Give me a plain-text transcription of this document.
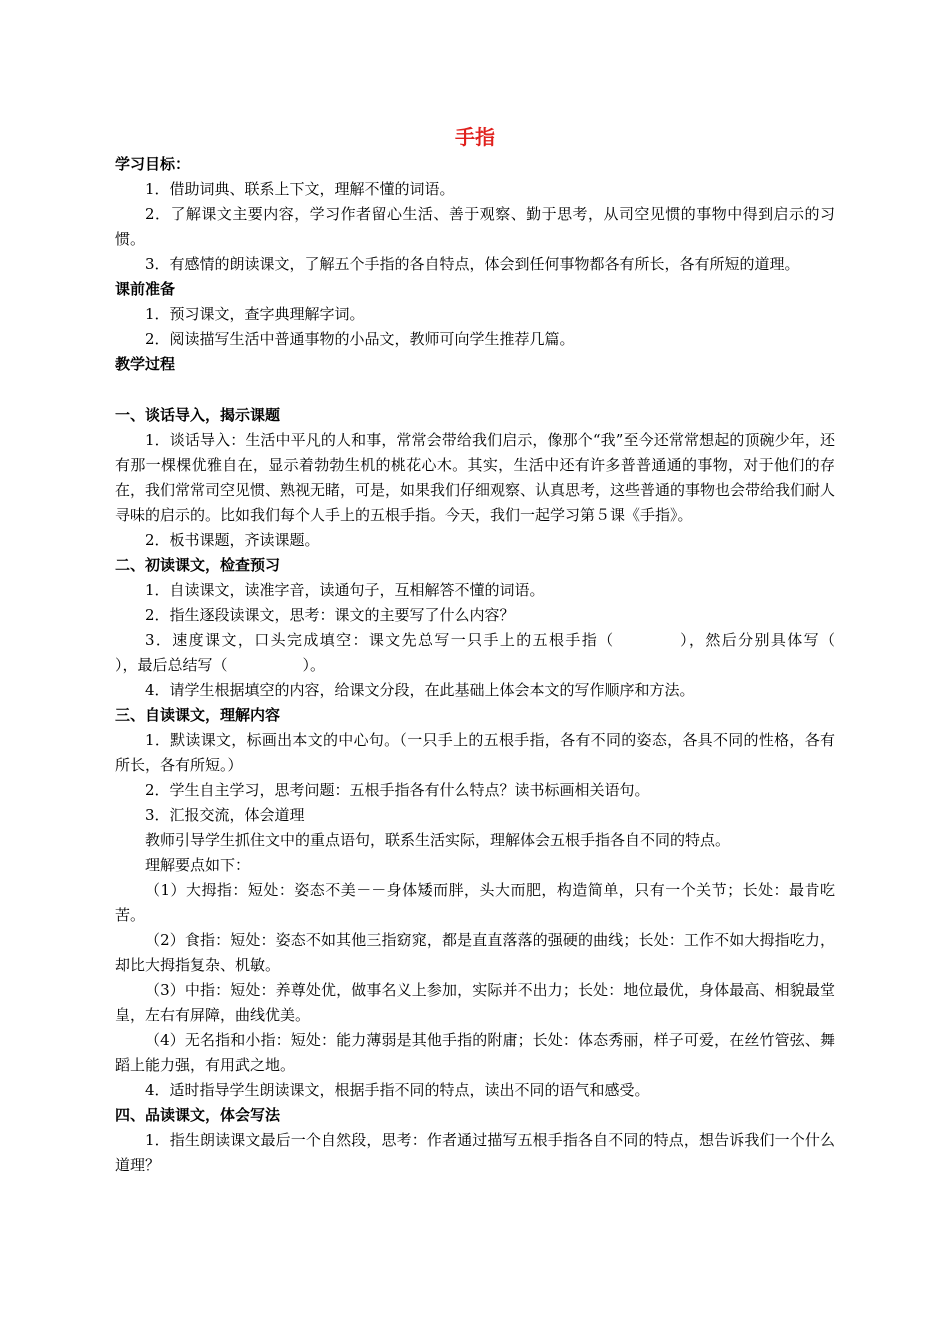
手指

学习目标：

1．借助词典、联系上下文，理解不懂的词语。

2．了解课文主要内容，学习作者留心生活、善于观察、勤于思考，从司空见惯的事物中得到启示的习惯。

3．有感情的朗读课文，了解五个手指的各自特点，体会到任何事物都各有所长，各有所短的道理。

课前准备

1．预习课文，查字典理解字词。

2．阅读描写生活中普通事物的小品文，教师可向学生推荐几篇。

教学过程

一、谈话导入，揭示课题

1．谈话导入：生活中平凡的人和事，常常会带给我们启示，像那个“我”至今还常常想起的顶碗少年，还有那一棵棵优雅自在，显示着勃勃生机的桃花心木。其实，生活中还有许多普普通通的事物，对于他们的存在，我们常常司空见惯、熟视无睹，可是，如果我们仔细观察、认真思考，这些普通的事物也会带给我们耐人寻味的启示的。比如我们每个人手上的五根手指。今天，我们一起学习第５课《手指》。

2．板书课题，齐读课题。

二、初读课文，检查预习

1．自读课文，读准字音，读通句子，互相解答不懂的词语。

2．指生逐段读课文，思考：课文的主要写了什么内容？

3．速度课文，口头完成填空：课文先总写一只手上的五根手指（　　　　），然后分别具体写（　　　　　），最后总结写（　　　　　）。

4．请学生根据填空的内容，给课文分段，在此基础上体会本文的写作顺序和方法。

三、自读课文，理解内容

1．默读课文，标画出本文的中心句。（一只手上的五根手指，各有不同的姿态，各具不同的性格，各有所长，各有所短。）

2．学生自主学习，思考问题：五根手指各有什么特点？读书标画相关语句。

3．汇报交流，体会道理

教师引导学生抓住文中的重点语句，联系生活实际，理解体会五根手指各自不同的特点。

理解要点如下：

（1）大拇指：短处：姿态不美－－身体矮而胖，头大而肥，构造简单，只有一个关节；长处：最肯吃苦。

（2）食指：短处：姿态不如其他三指窈窕，都是直直落落的强硬的曲线；长处：工作不如大拇指吃力，却比大拇指复杂、机敏。

（3）中指：短处：养尊处优，做事名义上参加，实际并不出力；长处：地位最优，身体最高、相貌最堂皇，左右有屏障，曲线优美。

（4）无名指和小指：短处：能力薄弱是其他手指的附庸；长处：体态秀丽，样子可爱，在丝竹管弦、舞蹈上能力强，有用武之地。

4．适时指导学生朗读课文，根据手指不同的特点，读出不同的语气和感受。

四、品读课文，体会写法

1．指生朗读课文最后一个自然段，思考：作者通过描写五根手指各自不同的特点，想告诉我们一个什么道理？
